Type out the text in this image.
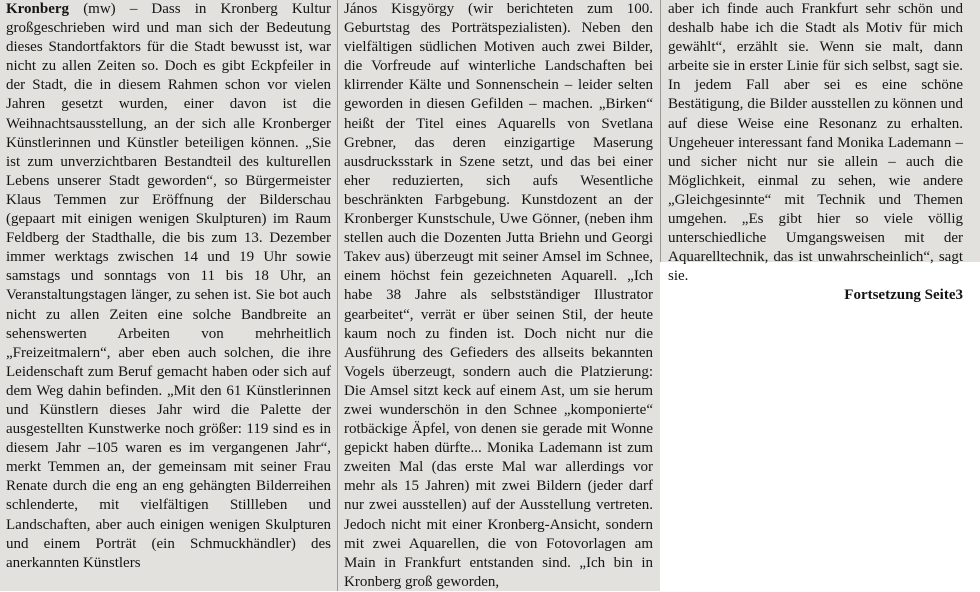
Kronberg (mw) – Dass in Kronberg Kultur großgeschrieben wird und man sich der Bedeutung dieses Standortfaktors für die Stadt bewusst ist, war nicht zu allen Zeiten so. Doch es gibt Eckpfeiler in der Stadt, die in diesem Rahmen schon vor vielen Jahren gesetzt wurden, einer davon ist die Weihnachtsausstellung, an der sich alle Kronberger Künstlerinnen und Künstler beteiligen können. „Sie ist zum unverzichtbaren Bestandteil des kulturellen Lebens unserer Stadt geworden“, so Bürgermeister Klaus Temmen zur Eröffnung der Bilderschau (gepaart mit einigen wenigen Skulpturen) im Raum Feldberg der Stadthalle, die bis zum 13. Dezember immer werktags zwischen 14 und 19 Uhr sowie samstags und sonntags von 11 bis 18 Uhr, an Veranstaltungstagen länger, zu sehen ist. Sie bot auch nicht zu allen Zeiten eine solche Bandbreite an sehenswerten Arbeiten von mehrheitlich „Freizeitmalern“, aber eben auch solchen, die ihre Leidenschaft zum Beruf gemacht haben oder sich auf dem Weg dahin befinden. „Mit den 61 Künstlerinnen und Künstlern dieses Jahr wird die Palette der ausgestellten Kunstwerke noch größer: 119 sind es in diesem Jahr –105 waren es im vergangenen Jahr“, merkt Temmen an, der gemeinsam mit seiner Frau Renate durch die eng an eng gehängten Bilderreihen schlenderte, mit vielfältigen Stillleben und Landschaften, aber auch einigen wenigen Skulpturen und einem Porträt (ein Schmuckhändler) des anerkannten Künstlers

János Kisgyörgy (wir berichteten zum 100. Geburtstag des Porträtspezialisten). Neben den vielfältigen südlichen Motiven auch zwei Bilder, die Vorfreude auf winterliche Landschaften bei klirrender Kälte und Sonnenschein – leider selten geworden in diesen Gefilden – machen. „Birken“ heißt der Titel eines Aquarells von Svetlana Grebner, das deren einzigartige Maserung ausdrucksstark in Szene setzt, und das bei einer eher reduzierten, sich aufs Wesentliche beschränkten Farbgebung. Kunstdozent an der Kronberger Kunstschule, Uwe Gönner, (neben ihm stellen auch die Dozenten Jutta Briehn und Georgi Takev aus) überzeugt mit seiner Amsel im Schnee, einem höchst fein gezeichneten Aquarell. „Ich habe 38 Jahre als selbstständiger Illustrator gearbeitet“, verrät er über seinen Stil, der heute kaum noch zu finden ist. Doch nicht nur die Ausführung des Gefieders des allseits bekannten Vogels überzeugt, sondern auch die Platzierung: Die Amsel sitzt keck auf einem Ast, um sie herum zwei wunderschön in den Schnee „komponierte“ rotbäckige Äpfel, von denen sie gerade mit Wonne gepickt haben dürfte... Monika Lademann ist zum zweiten Mal (das erste Mal war allerdings vor mehr als 15 Jahren) mit zwei Bildern (jeder darf nur zwei ausstellen) auf der Ausstellung vertreten. Jedoch nicht mit einer Kronberg-Ansicht, sondern mit zwei Aquarellen, die von Fotovorlagen am Main in Frankfurt entstanden sind. „Ich bin in Kronberg groß geworden,

aber ich finde auch Frankfurt sehr schön und deshalb habe ich die Stadt als Motiv für mich gewählt“, erzählt sie. Wenn sie malt, dann arbeite sie in erster Linie für sich selbst, sagt sie. In jedem Fall aber sei es eine schöne Bestätigung, die Bilder ausstellen zu können und auf diese Weise eine Resonanz zu erhalten. Ungeheuer interessant fand Monika Lademann – und sicher nicht nur sie allein – auch die Möglichkeit, einmal zu sehen, wie andere „Gleichgesinnte“ mit Technik und Themen umgehen. „Es gibt hier so viele völlig unterschiedliche Umgangsweisen mit der Aquarelltechnik, das ist unwahrscheinlich“, sagt sie.

Fortsetzung Seite3
